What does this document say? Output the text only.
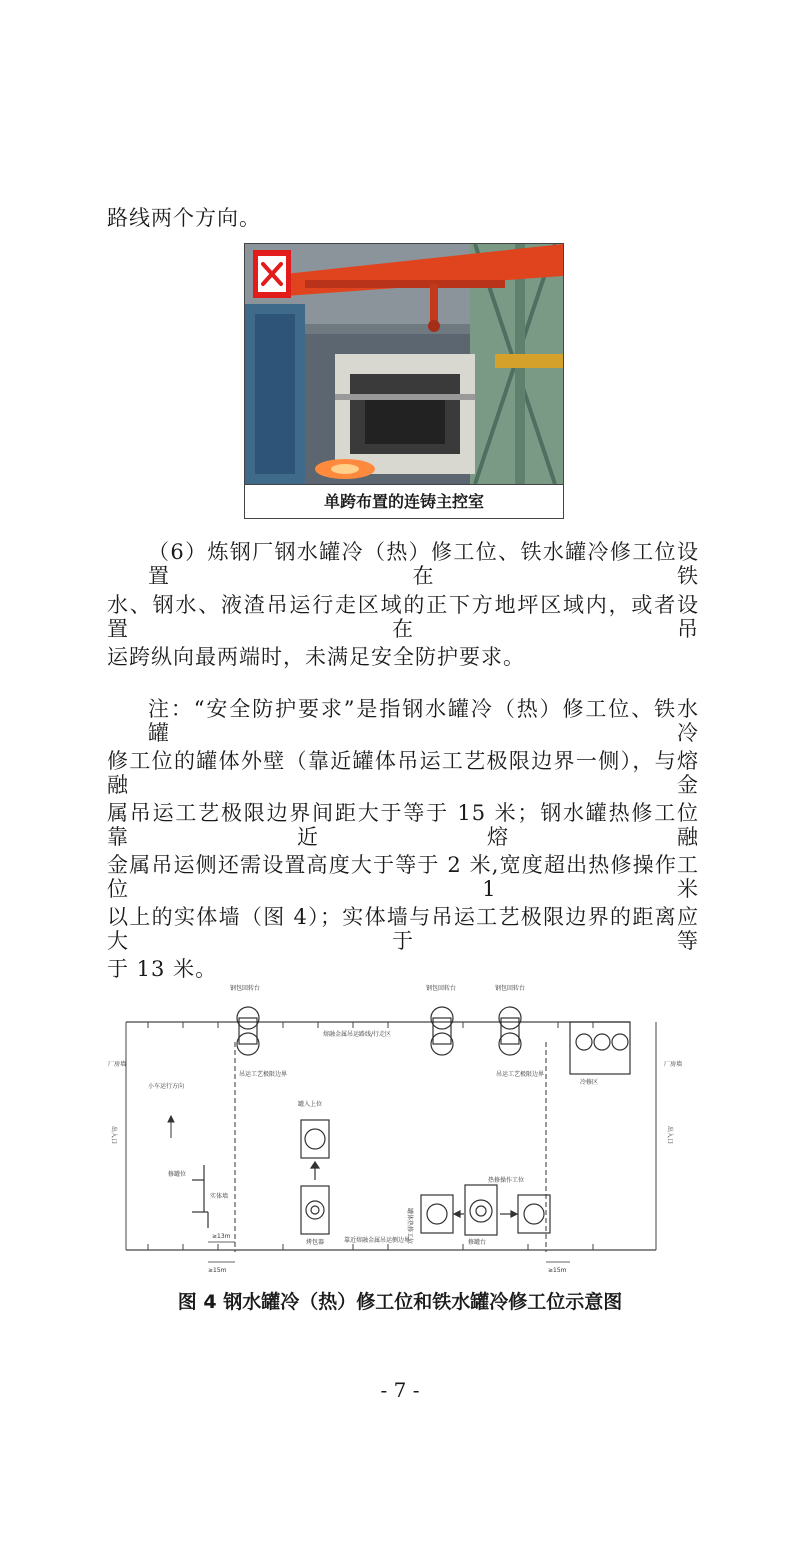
路线两个方向。
单跨布置的连铸主控室
（6）炼钢厂钢水罐冷（热）修工位、铁水罐冷修工位设置在铁
水、钢水、液渣吊运行走区域的正下方地坪区域内，或者设置在吊
运跨纵向最两端时，未满足安全防护要求。
注：“安全防护要求”是指钢水罐冷（热）修工位、铁水罐冷
修工位的罐体外壁（靠近罐体吊运工艺极限边界一侧），与熔融金
属吊运工艺极限边界间距大于等于 15 米；钢水罐热修工位靠近熔融
金属吊运侧还需设置高度大于等于 2 米,宽度超出热修操作工位 1 米
以上的实体墙（图 4）；实体墙与吊运工艺极限边界的距离应大于等
于 13 米。
钢包回转台	钢包回转台	钢包回转台
熔融金属吊运路线/行走区
厂房墙	厂房墙
出入口	出入口
吊运工艺极限边界	吊运工艺极限边界
小车运行方向
罐入上位
修罐位
实体墙
热修操作工位
≥13m
≥15m	≥15m
烤包器	修罐台
靠近熔融金属吊运侧边界
罐体热修工位
冷修区
图 4 钢水罐冷（热）修工位和铁水罐冷修工位示意图
- 7 -
